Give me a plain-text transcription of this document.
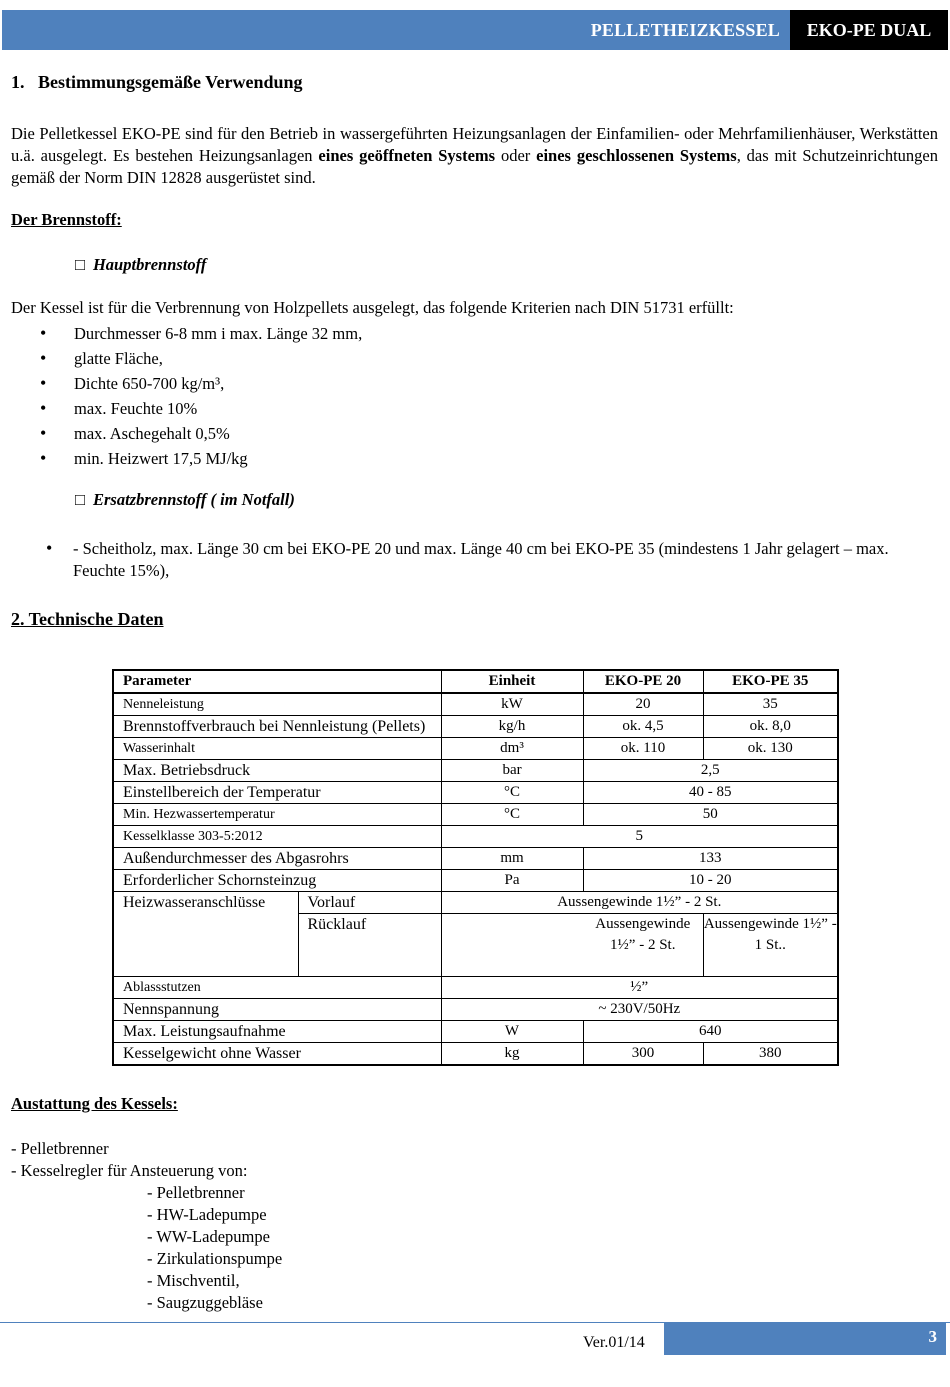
PELLETHEIZKESSEL	EKO-PE DUAL
1.   Bestimmungsgemäße Verwendung
Die Pelletkessel EKO-PE sind für den Betrieb in wassergeführten Heizungsanlagen der Einfamilien- oder Mehrfamilienhäuser, Werkstätten u.ä. ausgelegt. Es bestehen Heizungsanlagen eines geöffneten Systems oder eines geschlossenen Systems, das mit Schutzeinrichtungen gemäß der Norm DIN 12828 ausgerüstet sind.
Der Brennstoff:
□ Hauptbrennstoff
Der Kessel ist für die Verbrennung von Holzpellets ausgelegt, das folgende Kriterien nach DIN 51731 erfüllt:
• Durchmesser 6-8 mm i max. Länge 32 mm,
• glatte Fläche,
• Dichte 650-700 kg/m³,
• max. Feuchte 10%
• max. Aschegehalt 0,5%
• min. Heizwert 17,5 MJ/kg
□ Ersatzbrennstoff ( im Notfall)
• - Scheitholz, max. Länge 30 cm bei EKO-PE 20 und max. Länge 40 cm bei EKO-PE 35 (mindestens 1 Jahr gelagert – max. Feuchte 15%),
2. Technische Daten
Parameter		Einheit	EKO-PE 20	EKO-PE 35
Nenneleistung		kW	20	35
Brennstoffverbrauch bei Nennleistung (Pellets)		kg/h	ok. 4,5	ok. 8,0
Wasserinhalt		dm³	ok. 110	ok. 130
Max. Betriebsdruck		bar	2,5	
Einstellbereich der Temperatur		°C	40 - 85	
Min. Hezwassertemperatur		°C	50	
Kesselklasse 303-5:2012		5		
Außendurchmesser des Abgasrohrs		mm	133	
Erforderlicher Schornsteinzug		Pa	10 - 20	
Heizwasseranschlüsse	Vorlauf	Aussengewinde 1½” - 2 St.		
	Rücklauf		Aussengewinde 1½” - 2 St.	Aussengewinde 1½” - 1 St..
Ablassstutzen		½”		
Nennspannung		~ 230V/50Hz		
Max. Leistungsaufnahme		W	640	
Kesselgewicht ohne Wasser		kg	300	380
Austattung des Kessels:
- Pelletbrenner
- Kesselregler für Ansteuerung von:
- Pelletbrenner
- HW-Ladepumpe
- WW-Ladepumpe
- Zirkulationspumpe
- Mischventil,
- Saugzuggebläse
Ver.01/14	3
